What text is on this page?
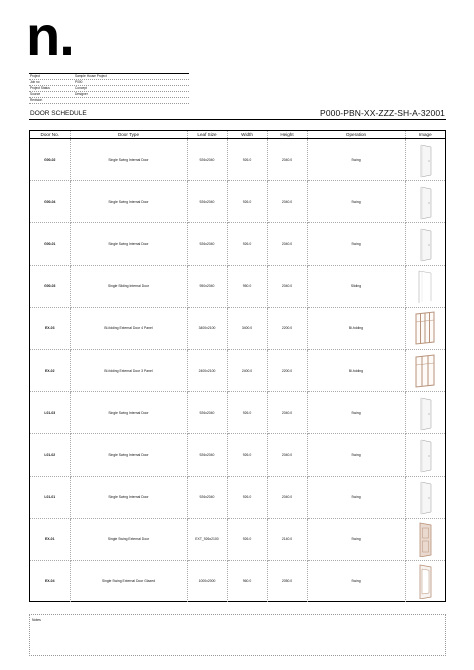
n.
Project	Sample House Project
Job no	P000
Project Status	Concept
Source	Designer
Revision
DOOR SCHEDULE	P000-PBN-XX-ZZZ-SH-A-32001
Door No.	Door Type	Leaf Size	Width	Height	Operation	Image
G00-02	Single Swing Internal Door	926x2040	926.0	2040.0	Swing	

G00-04	Single Swing Internal Door	926x2040	926.0	2040.0	Swing	

G00-01	Single Swing Internal Door	926x2040	926.0	2040.0	Swing	

G00-03	Single Sliding Internal Door	950x2040	950.0	2040.0	Sliding	

EX-03	Bi-folding External Door 4 Panel	3400x2100	3400.0	2200.0	Bi-folding	

EX-02	Bi-folding External Door 3 Panel	2400x2100	2400.0	2200.0	Bi-folding	

L01-03	Single Swing Internal Door	926x2040	926.0	2040.0	Swing	

L01-02	Single Swing Internal Door	926x2040	926.0	2040.0	Swing	

L01-01	Single Swing Internal Door	926x2040	926.0	2040.0	Swing	

EX-01	Single Swing External Door	EXT_926x2100	926.0	2140.0	Swing	

EX-04	Single Swing External Door Glazed	1000x2000	960.0	2050.0	Swing	
Notes
